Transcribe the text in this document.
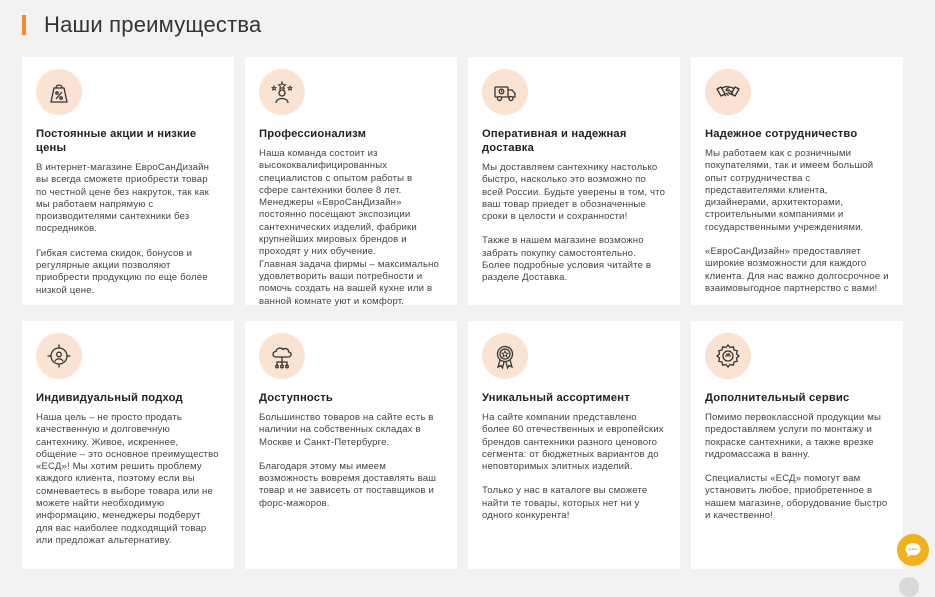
Наши преимущества
Постоянные акции и низкие цены

В интернет-магазине ЕвроСанДизайн вы всегда сможете приобрести товар по честной цене без накруток, так как мы работаем напрямую с производителями сантехники без посредников.

Гибкая система скидок, бонусов и регулярные акции позволяют приобрести продукцию по еще более низкой цене.

Профессионализм

Наша команда состоит из высококвалифицированных специалистов с опытом работы в сфере сантехники более 8 лет. Менеджеры «ЕвроСанДизайн» постоянно посещают экспозиции сантехнических изделий, фабрики крупнейших мировых брендов и проходят у них обучение.

Главная задача фирмы – максимально удовлетворить ваши потребности и помочь создать на вашей кухне или в ванной комнате уют и комфорт.

Оперативная и надежная доставка

Мы доставляем сантехнику настолько быстро, насколько это возможно по всей России. Будьте уверены в том, что ваш товар приедет в обозначенные сроки в целости и сохранности!

Также в нашем магазине возможно забрать покупку самостоятельно. Более подробные условия читайте в разделе Доставка.

Надежное сотрудничество

Мы работаем как с розничными покупателями, так и имеем большой опыт сотрудничества с представителями клиента, дизайнерами, архитекторами, строительными компаниями и государственными учреждениями.

«ЕвроСанДизайн» предоставляет широкие возможности для каждого клиента. Для нас важно долгосрочное и взаимовыгодное партнерство с вами!

Индивидуальный подход

Наша цель – не просто продать качественную и долговечную сантехнику. Живое, искреннее, общение – это основное преимущество «ЕСД»! Мы хотим решить проблему каждого клиента, поэтому если вы сомневаетесь в выборе товара или не можете найти необходимую информацию, менеджеры подберут для вас наиболее подходящий товар или предложат альтернативу.

Доступность

Большинство товаров на сайте есть в наличии на собственных складах в Москве и Санкт-Петербурге.

Благодаря этому мы имеем возможность вовремя доставлять ваш товар и не зависеть от поставщиков и форс-мажоров.

Уникальный ассортимент

На сайте компании представлено более 60 отечественных и европейских брендов сантехники разного ценового сегмента: от бюджетных вариантов до неповторимых элитных изделий.

Только у нас в каталоге вы сможете найти те товары, которых нет ни у одного конкурента!

Дополнительный сервис

Помимо первоклассной продукции мы предоставляем услуги по монтажу и покраске сантехники, а также врезке гидромассажа в ванну.

Специалисты «ЕСД» помогут вам установить любое, приобретенное в нашем магазине, оборудование быстро и качественно!
